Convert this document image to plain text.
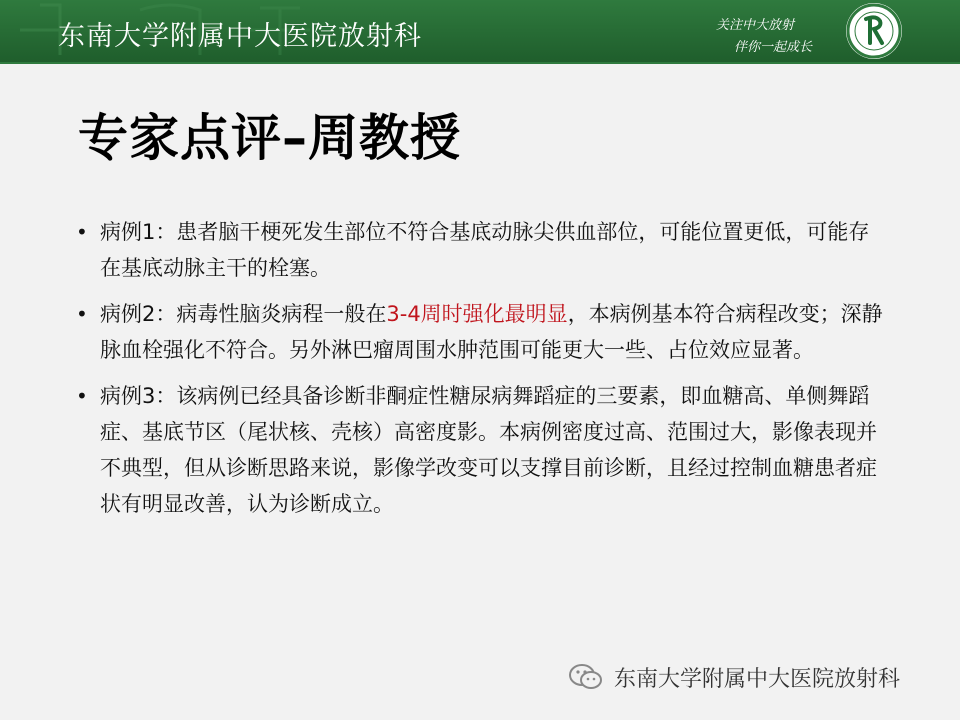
东南大学附属中大医院放射科	关注中大放射
伴你一起成长
专家点评–周教授
• 病例1：患者脑干梗死发生部位不符合基底动脉尖供血部位，可能位置更低，可能存在基底动脉主干的栓塞。
• 病例2：病毒性脑炎病程一般在3-4周时强化最明显，本病例基本符合病程改变；深静脉血栓强化不符合。另外淋巴瘤周围水肿范围可能更大一些、占位效应显著。
• 病例3：该病例已经具备诊断非酮症性糖尿病舞蹈症的三要素，即血糖高、单侧舞蹈症、基底节区（尾状核、壳核）高密度影。本病例密度过高、范围过大，影像表现并不典型，但从诊断思路来说，影像学改变可以支撑目前诊断，且经过控制血糖患者症状有明显改善，认为诊断成立。
东南大学附属中大医院放射科
